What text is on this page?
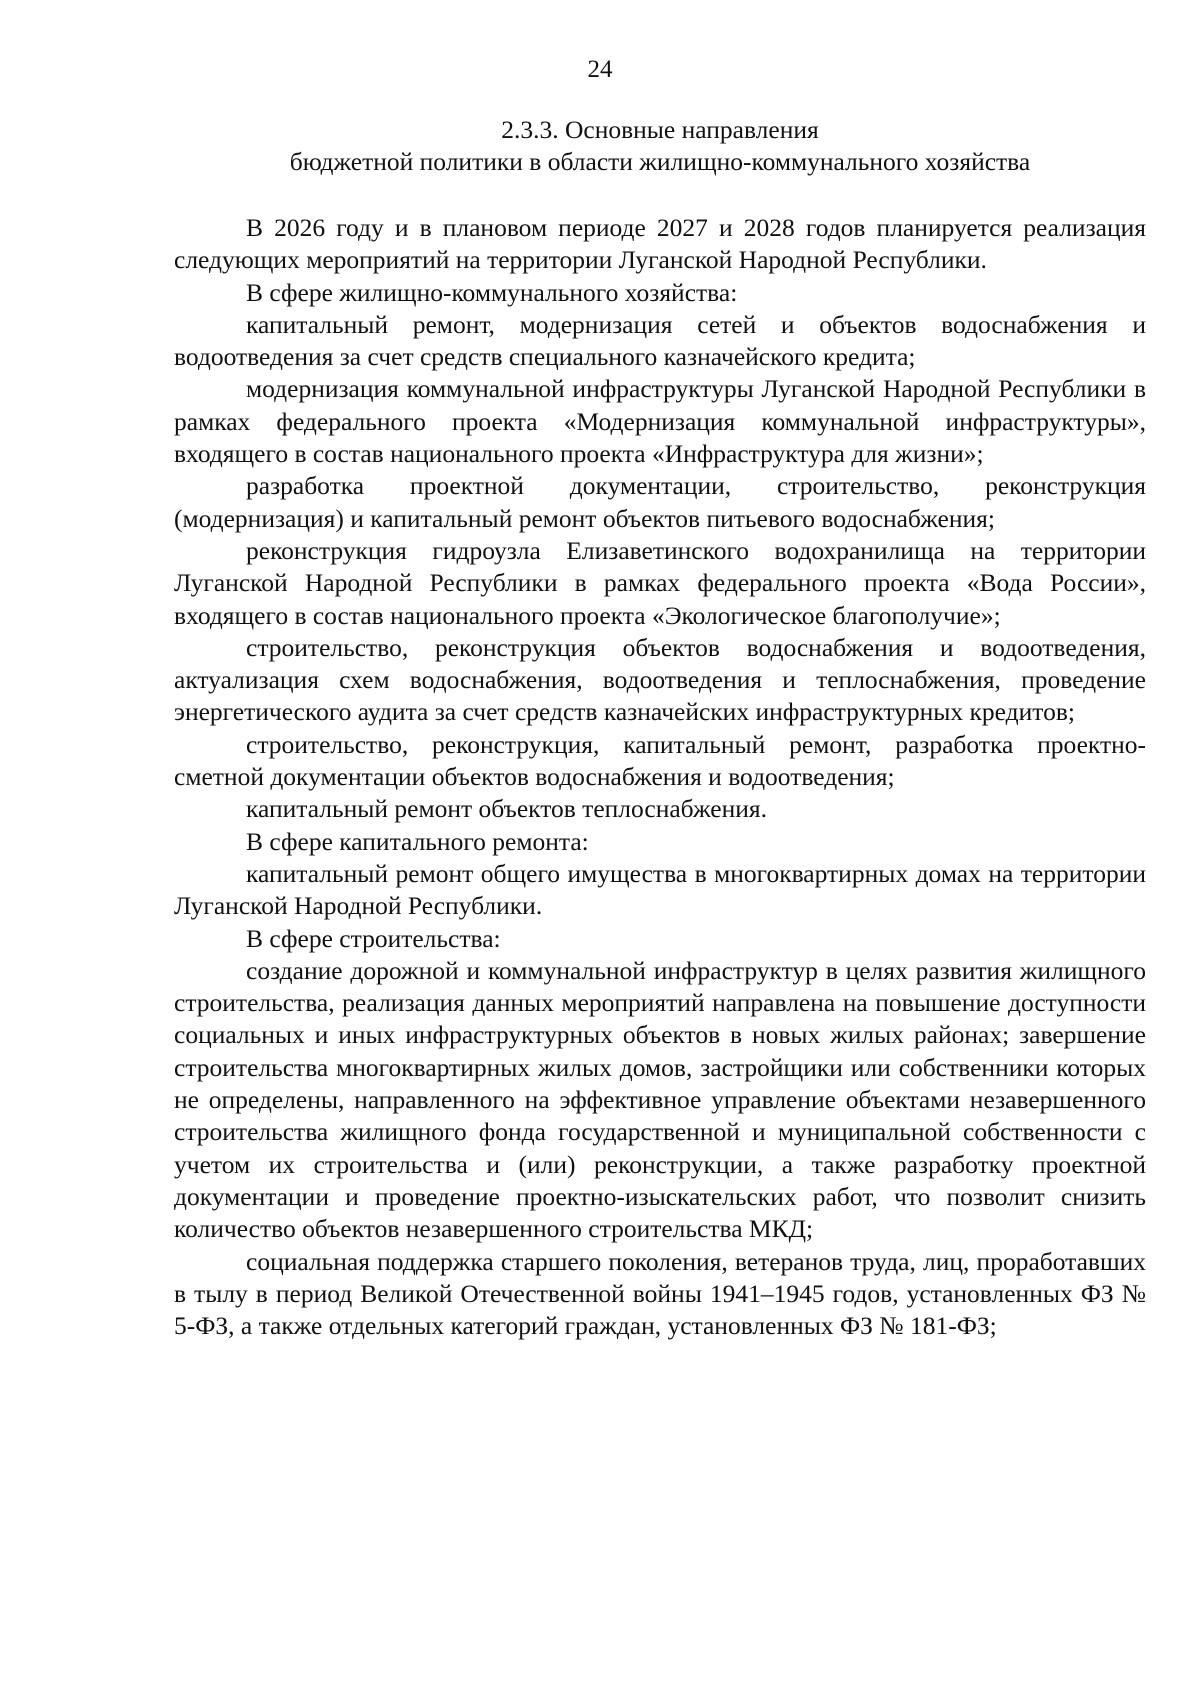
24
2.3.3. Основные направления
бюджетной политики в области жилищно-коммунального хозяйства

В 2026 году и в плановом периоде 2027 и 2028 годов планируется реализация следующих мероприятий на территории Луганской Народной Республики.

В сфере жилищно-коммунального хозяйства:

капитальный ремонт, модернизация сетей и объектов водоснабжения и водоотведения за счет средств специального казначейского кредита;

модернизация коммунальной инфраструктуры Луганской Народной Республики в рамках федерального проекта «Модернизация коммунальной инфраструктуры», входящего в состав национального проекта «Инфраструктура для жизни»;

разработка проектной документации, строительство, реконструкция (модернизация) и капитальный ремонт объектов питьевого водоснабжения;

реконструкция гидроузла Елизаветинского водохранилища на территории Луганской Народной Республики в рамках федерального проекта «Вода России», входящего в состав национального проекта «Экологическое благополучие»;

строительство, реконструкция объектов водоснабжения и водоотведения, актуализация схем водоснабжения, водоотведения и теплоснабжения, проведение энергетического аудита за счет средств казначейских инфраструктурных кредитов;

строительство, реконструкция, капитальный ремонт, разработка проектно-сметной документации объектов водоснабжения и водоотведения;

капитальный ремонт объектов теплоснабжения.

В сфере капитального ремонта:

капитальный ремонт общего имущества в многоквартирных домах на территории Луганской Народной Республики.

В сфере строительства:

создание дорожной и коммунальной инфраструктур в целях развития жилищного строительства, реализация данных мероприятий направлена на повышение доступности социальных и иных инфраструктурных объектов в новых жилых районах; завершение строительства многоквартирных жилых домов, застройщики или собственники которых не определены, направленного на эффективное управление объектами незавершенного строительства жилищного фонда государственной и муниципальной собственности с учетом их строительства и (или) реконструкции, а также разработку проектной документации и проведение проектно-изыскательских работ, что позволит снизить количество объектов незавершенного строительства МКД;

социальная поддержка старшего поколения, ветеранов труда, лиц, проработавших в тылу в период Великой Отечественной войны 1941–1945 годов, установленных ФЗ № 5-ФЗ, а также отдельных категорий граждан, установленных ФЗ № 181-ФЗ;
